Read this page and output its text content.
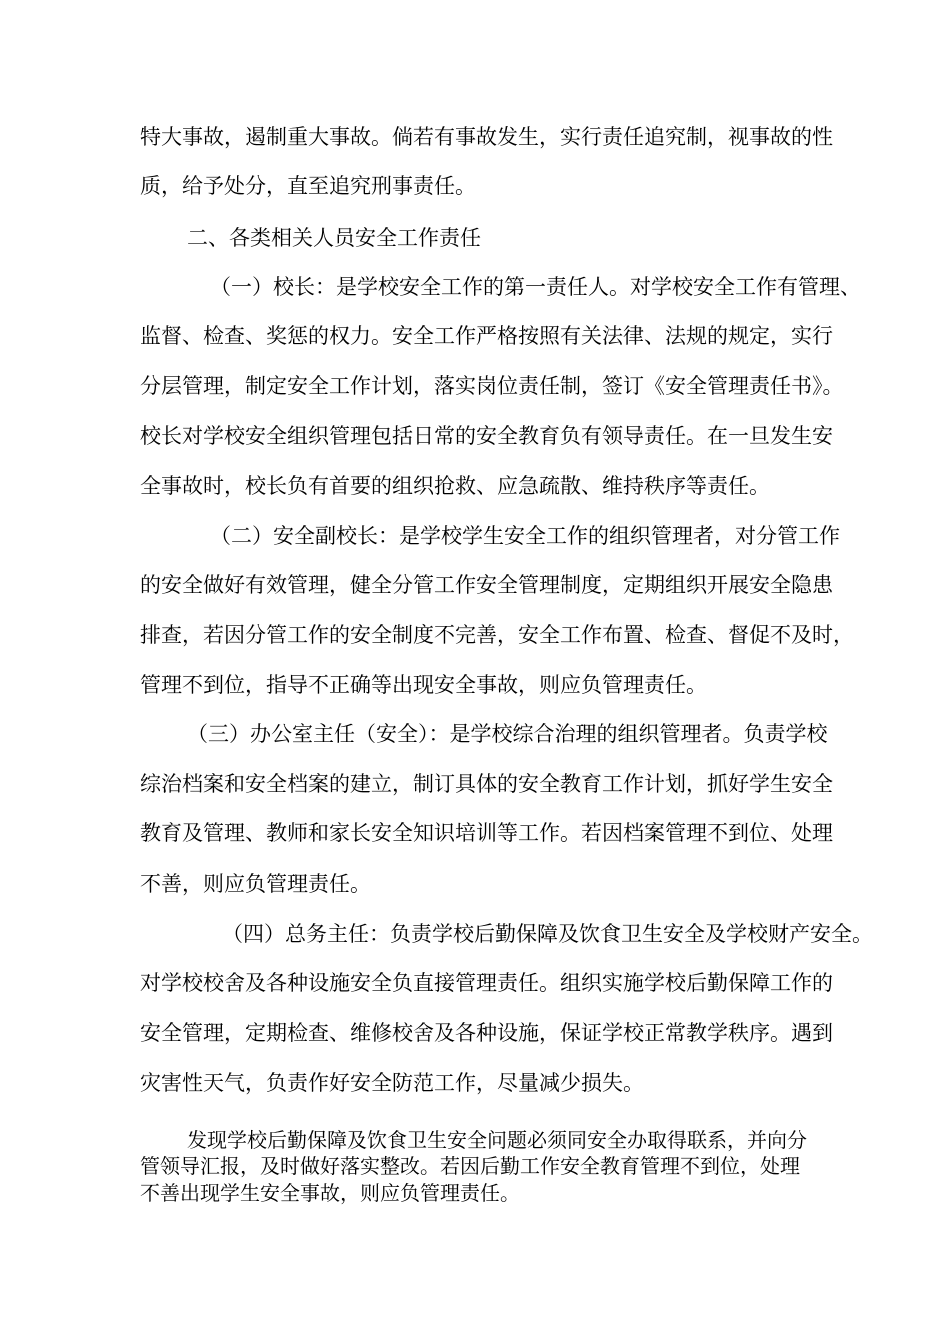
特大事故，遏制重大事故。倘若有事故发生，实行责任追究制，视事故的性
质，给予处分，直至追究刑事责任。
二、各类相关人员安全工作责任
（一）校长：是学校安全工作的第一责任人。对学校安全工作有管理、
监督、检查、奖惩的权力。安全工作严格按照有关法律、法规的规定，实行
分层管理，制定安全工作计划，落实岗位责任制，签订《安全管理责任书》。
校长对学校安全组织管理包括日常的安全教育负有领导责任。在一旦发生安
全事故时，校长负有首要的组织抢救、应急疏散、维持秩序等责任。
（二）安全副校长：是学校学生安全工作的组织管理者，对分管工作
的安全做好有效管理，健全分管工作安全管理制度，定期组织开展安全隐患
排查，若因分管工作的安全制度不完善，安全工作布置、检查、督促不及时，
管理不到位，指导不正确等出现安全事故，则应负管理责任。
（三）办公室主任（安全）：是学校综合治理的组织管理者。负责学校
综治档案和安全档案的建立，制订具体的安全教育工作计划，抓好学生安全
教育及管理、教师和家长安全知识培训等工作。若因档案管理不到位、处理
不善，则应负管理责任。
（四）总务主任：负责学校后勤保障及饮食卫生安全及学校财产安全。
对学校校舍及各种设施安全负直接管理责任。组织实施学校后勤保障工作的
安全管理，定期检查、维修校舍及各种设施，保证学校正常教学秩序。遇到
灾害性天气，负责作好安全防范工作，尽量减少损失。
发现学校后勤保障及饮食卫生安全问题必须同安全办取得联系，并向分
管领导汇报，及时做好落实整改。若因后勤工作安全教育管理不到位，处理
不善出现学生安全事故，则应负管理责任。
